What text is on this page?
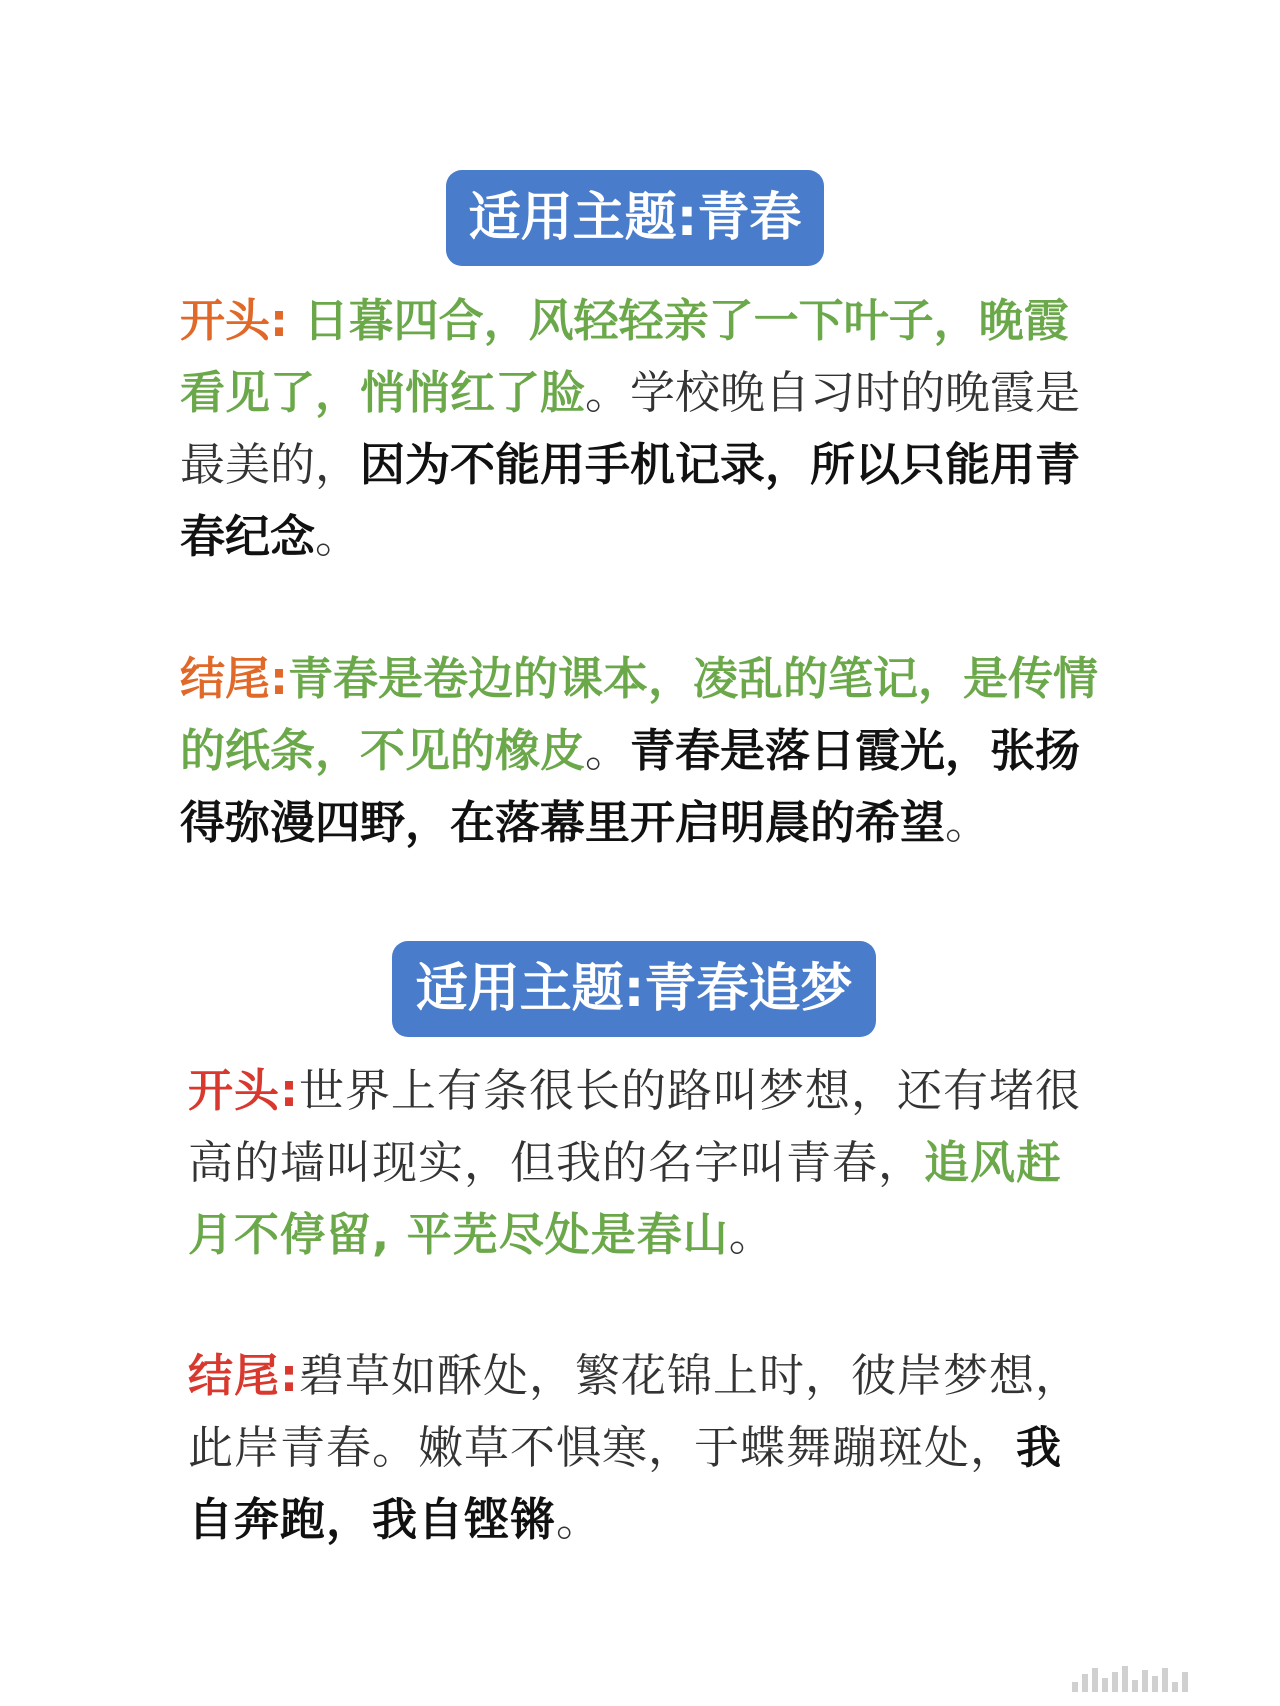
适用主题:青春

开头: 日暮四合，风轻轻亲了一下叶子，晚霞看见了，悄悄红了脸。学校晚自习时的晚霞是最美的，因为不能用手机记录，所以只能用青春纪念。

结尾:青春是卷边的课本，凌乱的笔记，是传情的纸条，不见的橡皮。青春是落日霞光，张扬得弥漫四野，在落幕里开启明晨的希望。

适用主题:青春追梦

开头:世界上有条很长的路叫梦想，还有堵很高的墙叫现实，但我的名字叫青春，追风赶月不停留, 平芜尽处是春山。

结尾:碧草如酥处，繁花锦上时，彼岸梦想，此岸青春。嫩草不惧寒，于蝶舞蹦斑处，我自奔跑，我自铿锵。
